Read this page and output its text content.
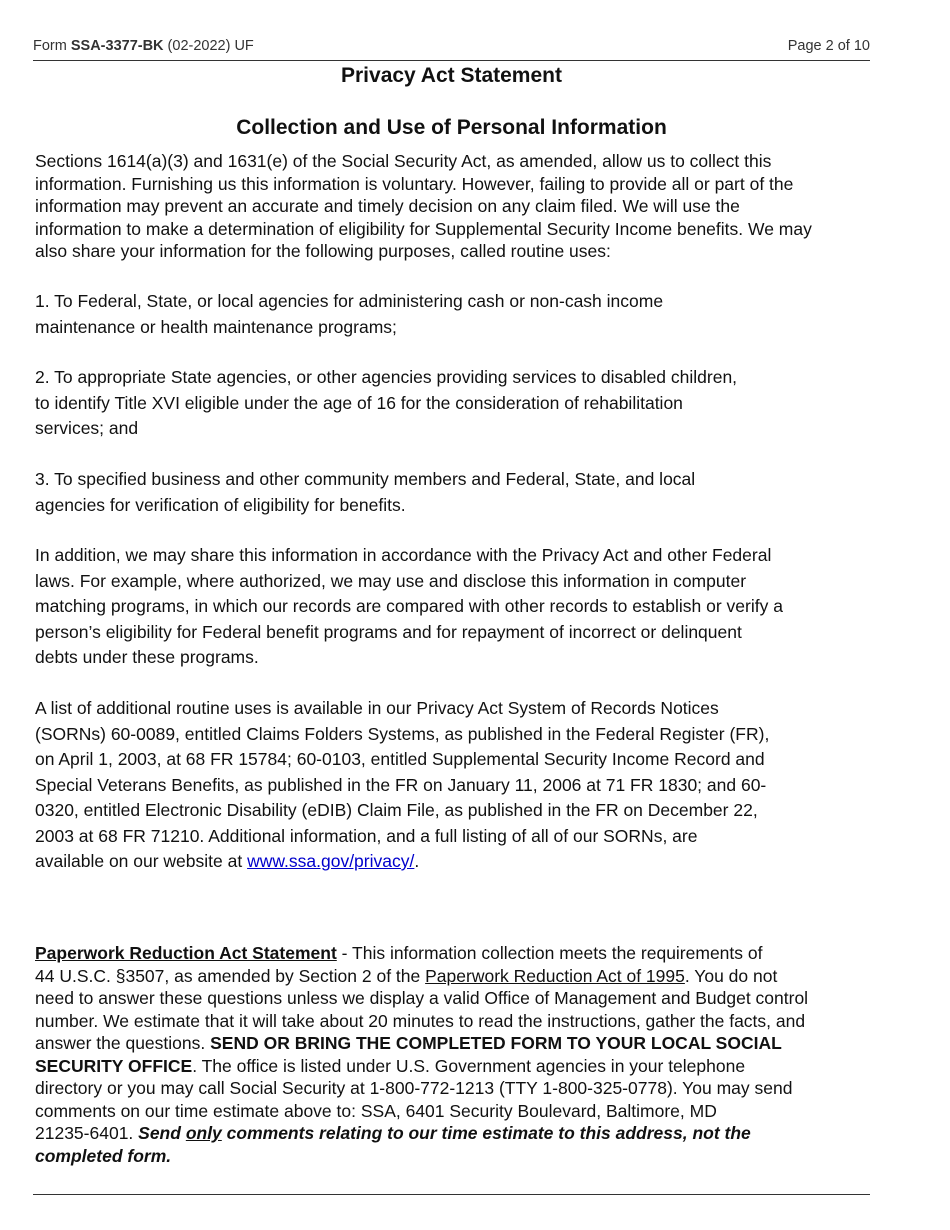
Form SSA-3377-BK (02-2022) UF	Page 2 of 10
Privacy Act Statement
Collection and Use of Personal Information
Sections 1614(a)(3) and 1631(e) of the Social Security Act, as amended, allow us to collect this
information. Furnishing us this information is voluntary. However, failing to provide all or part of the
information may prevent an accurate and timely decision on any claim filed. We will use the
information to make a determination of eligibility for Supplemental Security Income benefits. We may
also share your information for the following purposes, called routine uses:
1. To Federal, State, or local agencies for administering cash or non-cash income
maintenance or health maintenance programs;
2. To appropriate State agencies, or other agencies providing services to disabled children,
to identify Title XVI eligible under the age of 16 for the consideration of rehabilitation
services; and
3. To specified business and other community members and Federal, State, and local
agencies for verification of eligibility for benefits.
In addition, we may share this information in accordance with the Privacy Act and other Federal
laws. For example, where authorized, we may use and disclose this information in computer
matching programs, in which our records are compared with other records to establish or verify a
person’s eligibility for Federal benefit programs and for repayment of incorrect or delinquent
debts under these programs.
A list of additional routine uses is available in our Privacy Act System of Records Notices
(SORNs) 60-0089, entitled Claims Folders Systems, as published in the Federal Register (FR),
on April 1, 2003, at 68 FR 15784; 60-0103, entitled Supplemental Security Income Record and
Special Veterans Benefits, as published in the FR on January 11, 2006 at 71 FR 1830; and 60-
0320, entitled Electronic Disability (eDIB) Claim File, as published in the FR on December 22,
2003 at 68 FR 71210. Additional information, and a full listing of all of our SORNs, are
available on our website at www.ssa.gov/privacy/.
Paperwork Reduction Act Statement - This information collection meets the requirements of
44 U.S.C. §3507, as amended by Section 2 of the Paperwork Reduction Act of 1995. You do not
need to answer these questions unless we display a valid Office of Management and Budget control
number. We estimate that it will take about 20 minutes to read the instructions, gather the facts, and
answer the questions. SEND OR BRING THE COMPLETED FORM TO YOUR LOCAL SOCIAL
SECURITY OFFICE. The office is listed under U.S. Government agencies in your telephone
directory or you may call Social Security at 1-800-772-1213 (TTY 1-800-325-0778). You may send
comments on our time estimate above to: SSA, 6401 Security Boulevard, Baltimore, MD
21235-6401. Send only comments relating to our time estimate to this address, not the
completed form.
